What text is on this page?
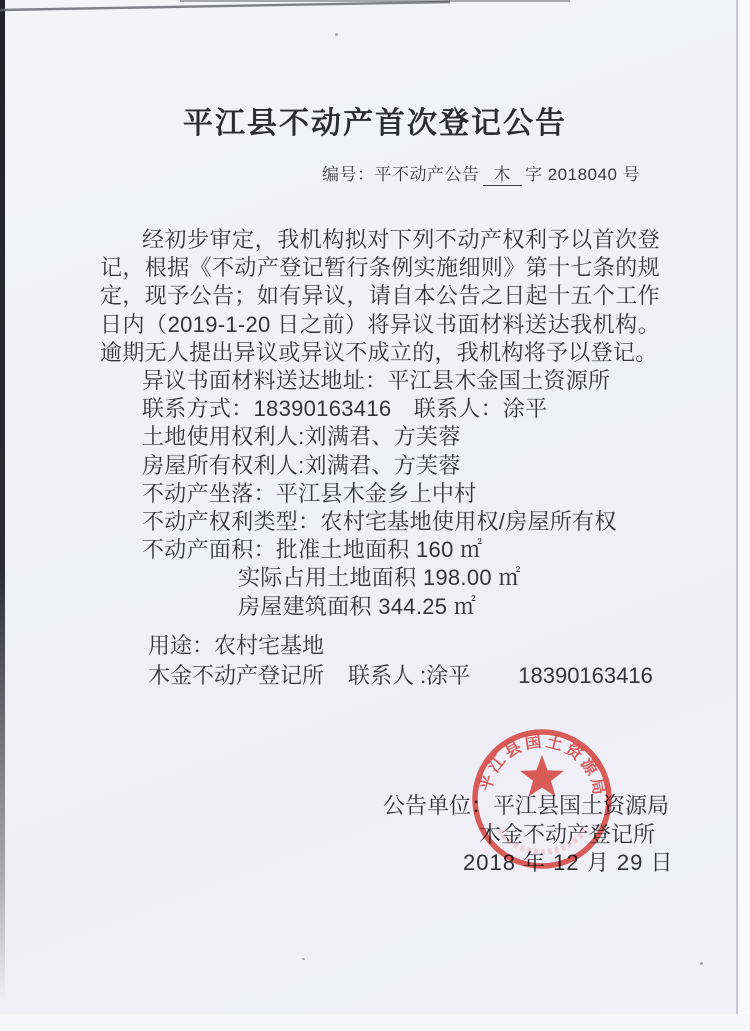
平江县不动产首次登记公告
编号：平不动产公告 木 字 2018040 号

经初步审定，我机构拟对下列不动产权利予以首次登记，根据《不动产登记暂行条例实施细则》第十七条的规定，现予公告；如有异议，请自本公告之日起十五个工作日内（2019-1-20 日之前）将异议书面材料送达我机构。逾期无人提出异议或异议不成立的，我机构将予以登记。

异议书面材料送达地址：平江县木金国土资源所
联系方式：18390163416　联系人：涂平
土地使用权利人:刘满君、方芙蓉
房屋所有权利人:刘满君、方芙蓉
不动产坐落：平江县木金乡上中村
不动产权利类型：农村宅基地使用权/房屋所有权
不动产面积：批准土地面积 160 ㎡
实际占用土地面积 198.00 ㎡
房屋建筑面积 344.25 ㎡
用途：农村宅基地
木金不动产登记所 联系人 :涂平 18390163416
公告单位：平江县国土资源局
木金不动产登记所
2018 年 12 月 29 日
平江县国土资源局
